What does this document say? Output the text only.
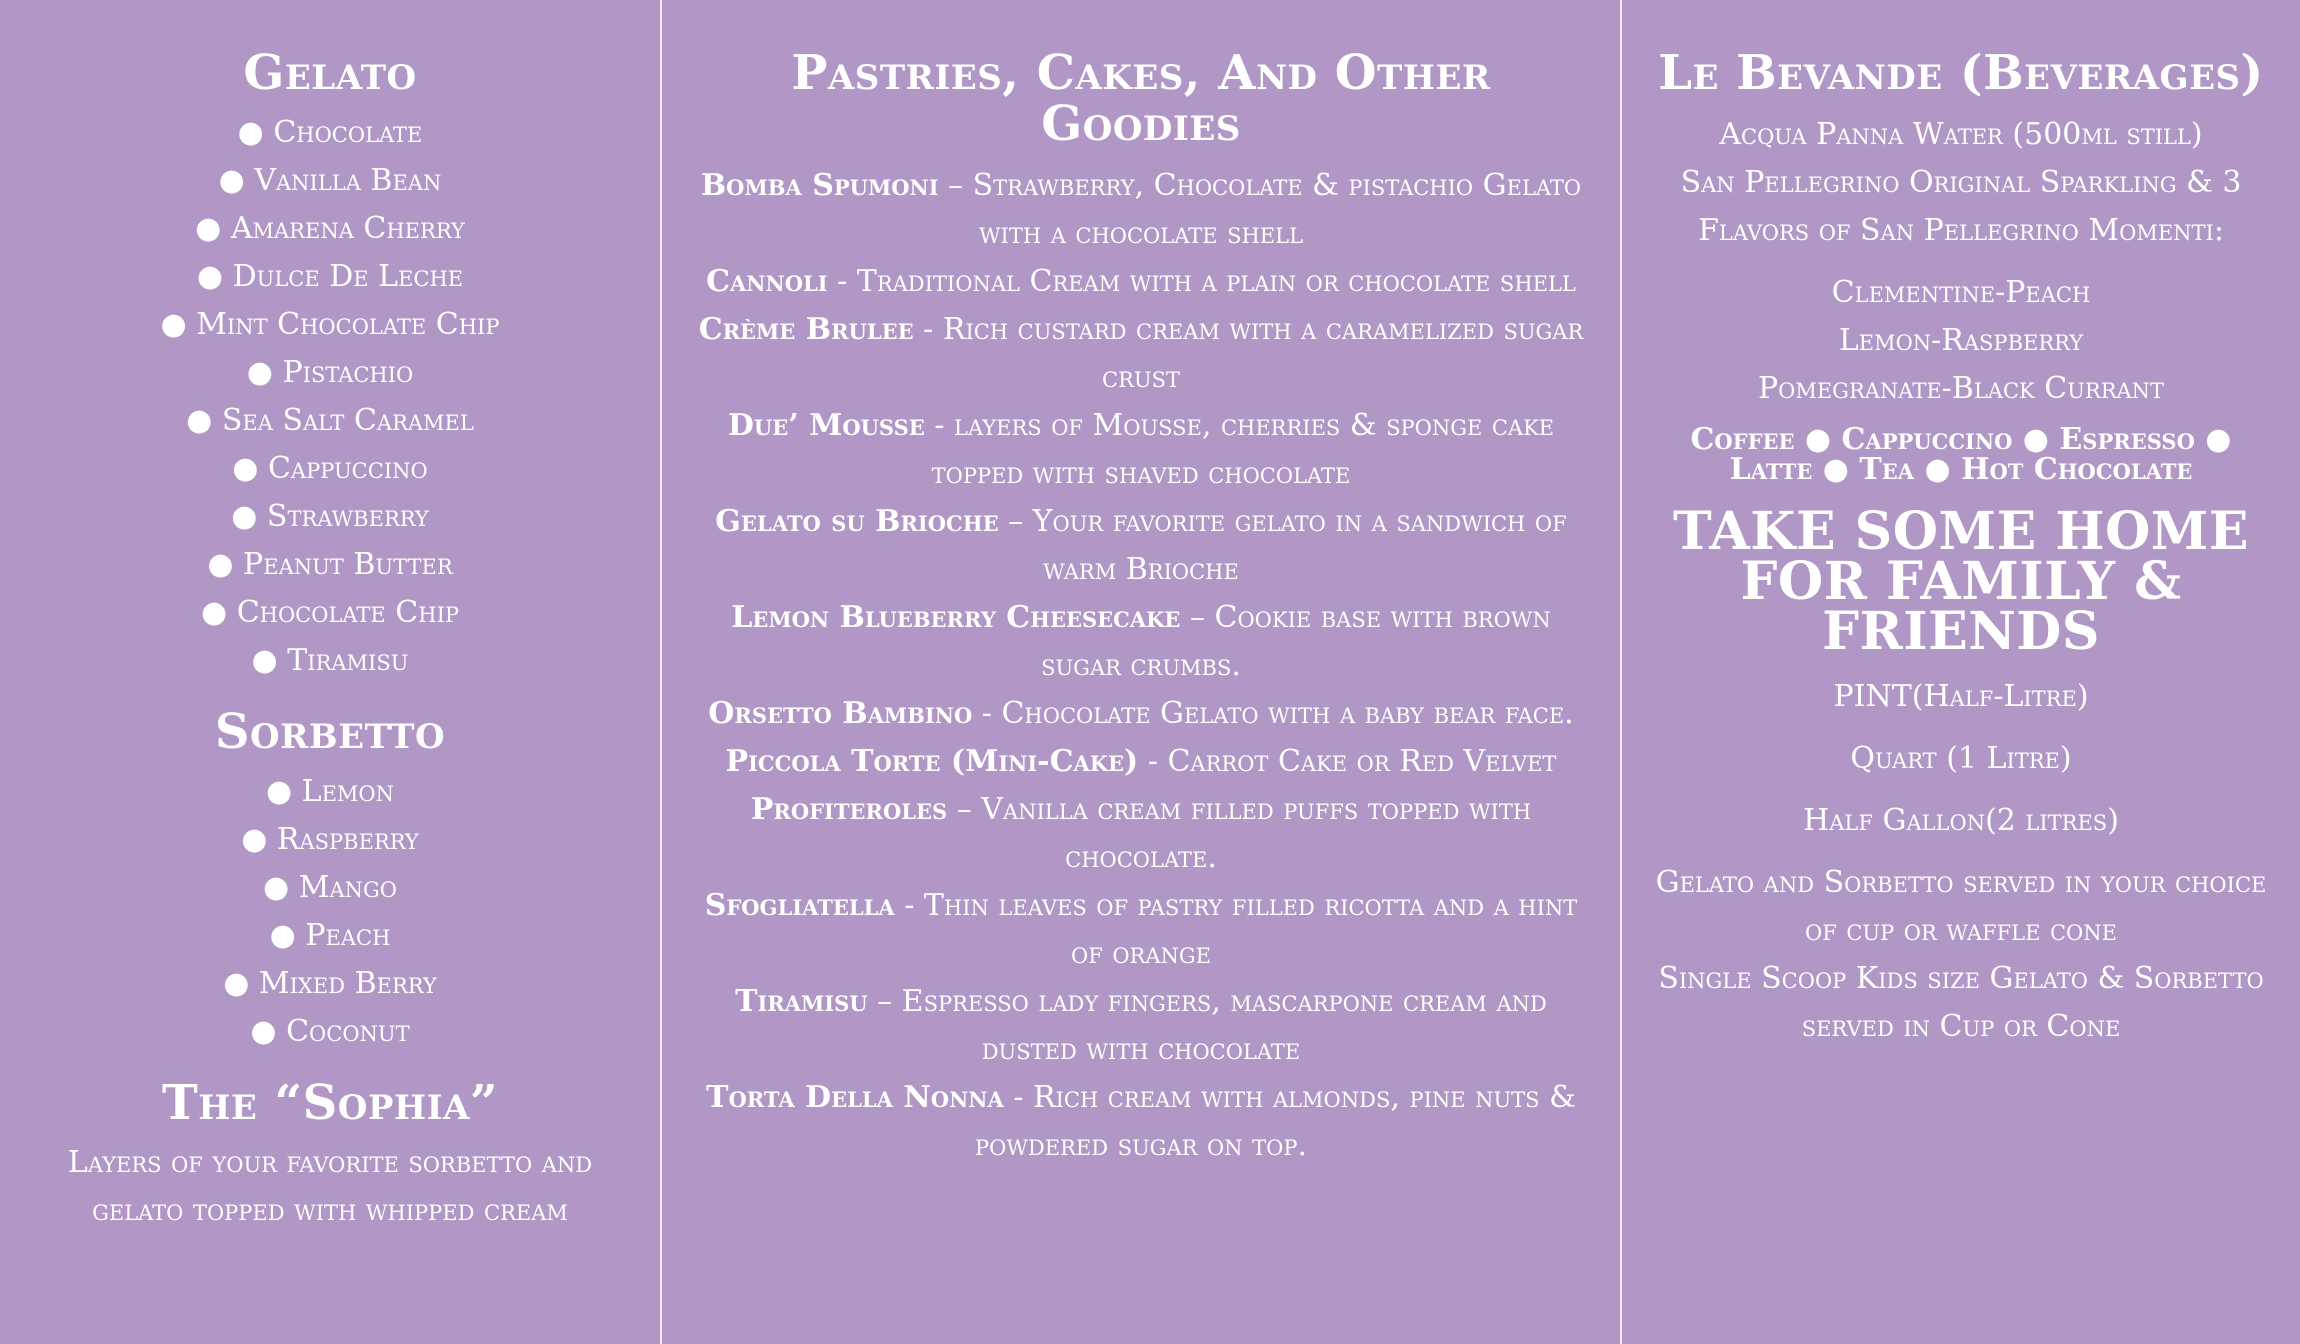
Gelato
● Chocolate
● Vanilla Bean
● Amarena Cherry
● Dulce De Leche
● Mint Chocolate Chip
● Pistachio
● Sea Salt Caramel
● Cappuccino
● Strawberry
● Peanut Butter
● Chocolate Chip
● Tiramisu
Sorbetto
● Lemon
● Raspberry
● Mango
● Peach
● Mixed Berry
● Coconut
The “Sophia”
Layers of your favorite sorbetto and gelato topped with whipped cream
Pastries, Cakes, And Other Goodies
Bomba Spumoni – Strawberry, Chocolate & pistachio Gelato with a chocolate shell
Cannoli - Traditional Cream with a plain or chocolate shell
Crème Brulee - Rich custard cream with a caramelized sugar crust
Due’ Mousse - layers of Mousse, cherries & sponge cake topped with shaved chocolate
Gelato su Brioche – Your favorite gelato in a sandwich of warm Brioche
Lemon Blueberry Cheesecake – Cookie base with brown sugar crumbs.
Orsetto Bambino - Chocolate Gelato with a baby bear face.
Piccola Torte (Mini-Cake) - Carrot Cake or Red Velvet
Profiteroles – Vanilla cream filled puffs topped with chocolate.
Sfogliatella - Thin leaves of pastry filled ricotta and a hint of orange
Tiramisu – Espresso lady fingers, mascarpone cream and dusted with chocolate
Torta Della Nonna - Rich cream with almonds, pine nuts & powdered sugar on top.
Le Bevande (Beverages)
Acqua Panna Water (500ml still)
San Pellegrino Original Sparkling & 3 Flavors of San Pellegrino Momenti:
Clementine-Peach
Lemon-Raspberry
Pomegranate-Black Currant
Coffee ● Cappuccino ● Espresso ● Latte ● Tea ● Hot Chocolate
TAKE SOME HOME FOR FAMILY & FRIENDS
PINT(Half-Litre)
Quart (1 Litre)
Half Gallon(2 litres)
Gelato and Sorbetto served in your choice of cup or waffle cone
Single Scoop Kids size Gelato & Sorbetto served in Cup or Cone
